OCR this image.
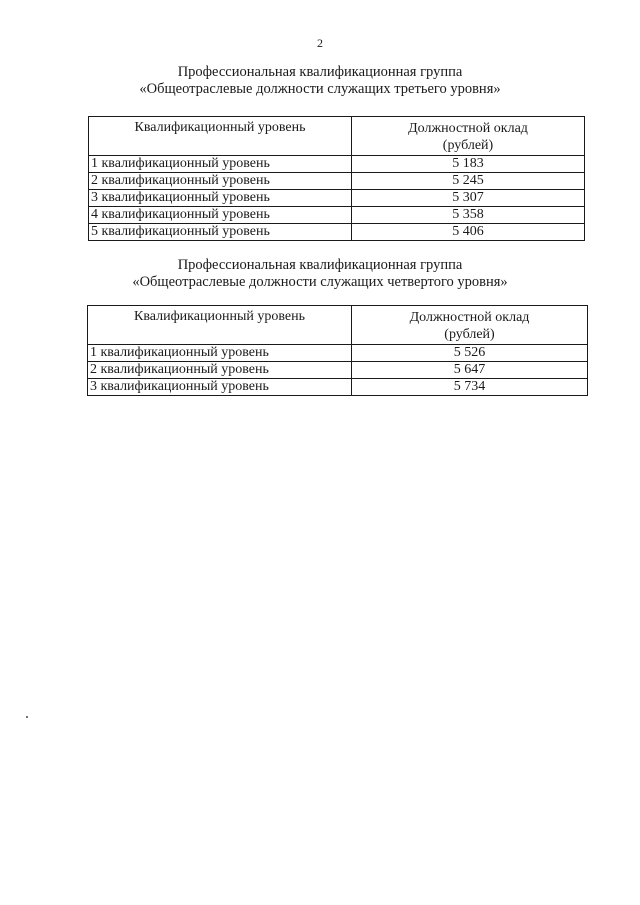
2
Профессиональная квалификационная группа
«Общеотраслевые должности служащих третьего уровня»
Квалификационный уровень	Должностной оклад
(рублей)

1 квалификационный уровень	5 183
2 квалификационный уровень	5 245
3 квалификационный уровень	5 307
4 квалификационный уровень	5 358
5 квалификационный уровень	5 406
Профессиональная квалификационная группа
«Общеотраслевые должности служащих четвертого уровня»
Квалификационный уровень	Должностной оклад
(рублей)

1 квалификационный уровень	5 526
2 квалификационный уровень	5 647
3 квалификационный уровень	5 734
